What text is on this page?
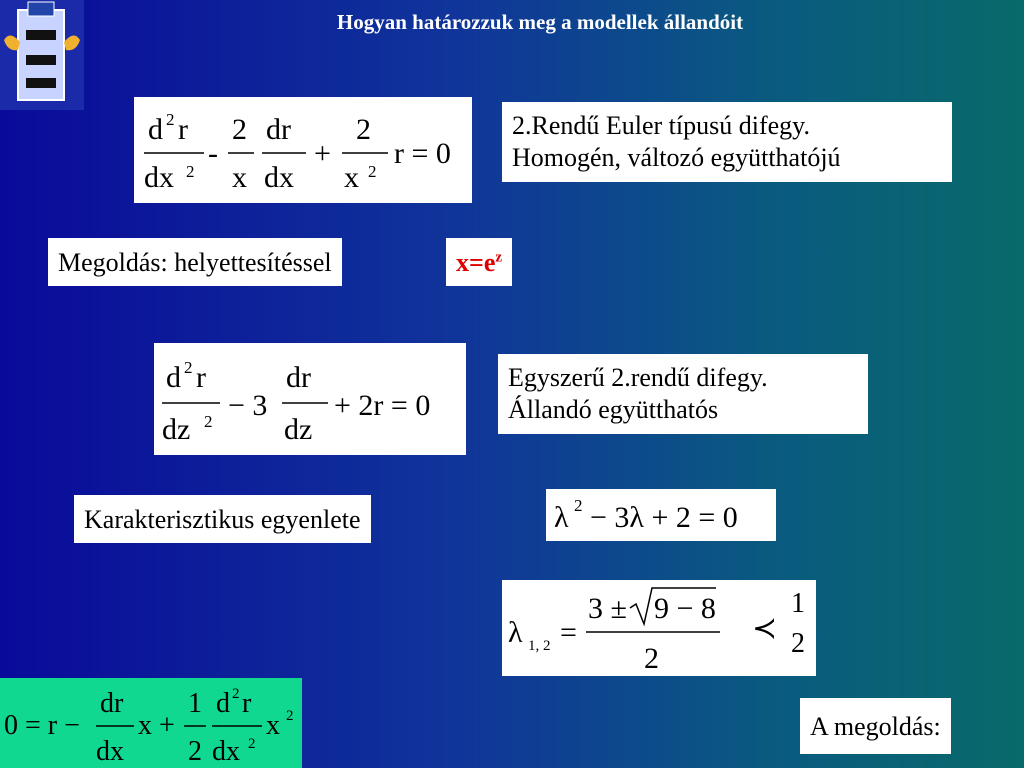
Hogyan határozzuk meg a modellek állandóit
d 2 r
dx 2
-
2
x
dr
dx
+
2
x 2
r = 0
2.Rendű Euler típusú difegy.
Homogén, változó együtthatójú
Megoldás: helyettesítéssel	$x=e^z$
d 2 r
dz 2 − 3
dr
dz
+ 2r = 0
Egyszerű 2.rendű difegy.
Állandó együtthatós
Karakterisztikus egyenlete	λ 2 − 3λ + 2 = 0
λ 1, 2 =
3 ± 9 − 8
2
≺
1
2
0 = r −
dr
dx
x +
1
2
d 2 r
dx 2
x 2	A megoldás:
